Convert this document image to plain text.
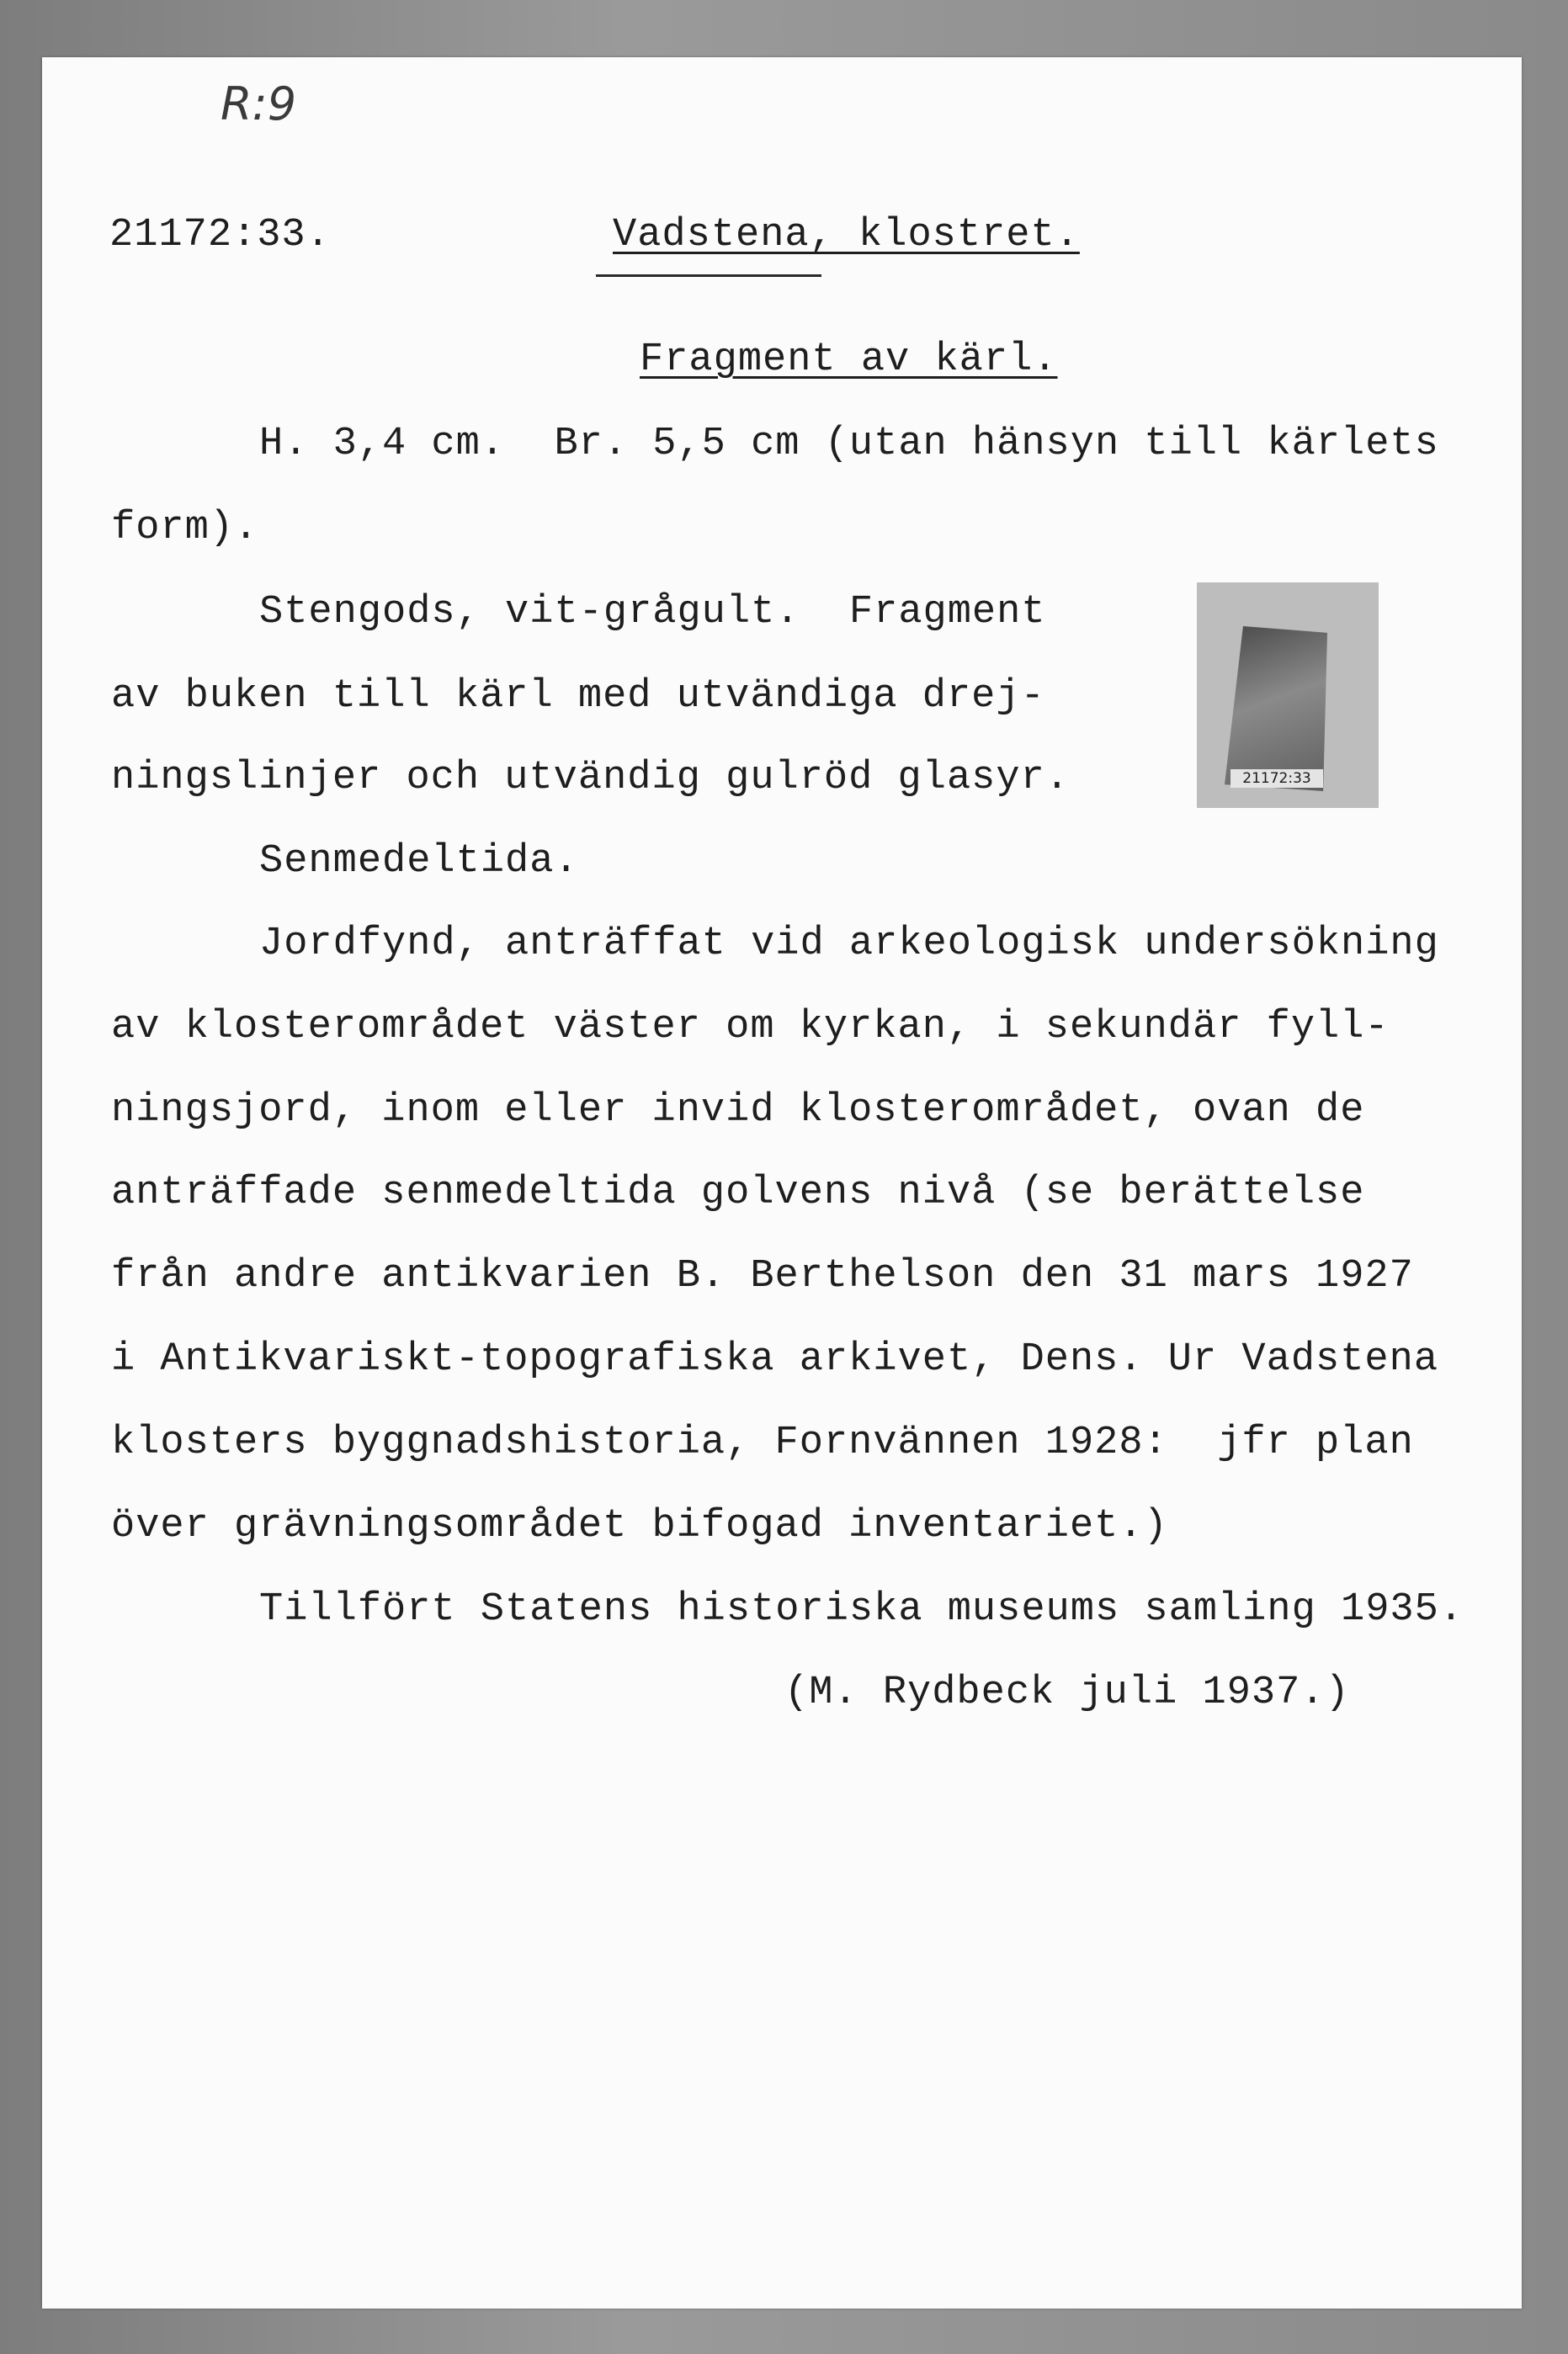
R:9
21172:33.	Vadstena, klostret.
Fragment av kärl.
H. 3,4 cm.  Br. 5,5 cm (utan hänsyn till kärlets
form).
Stengods, vit-grågult.  Fragment
av buken till kärl med utvändiga drej-
ningslinjer och utvändig gulröd glasyr.
Senmedeltida.
Jordfynd, anträffat vid arkeologisk undersökning
av klosterområdet väster om kyrkan, i sekundär fyll-
ningsjord, inom eller invid klosterområdet, ovan de
anträffade senmedeltida golvens nivå (se berättelse
från andre antikvarien B. Berthelson den 31 mars 1927
i Antikvariskt-topografiska arkivet, Dens. Ur Vadstena
klosters byggnadshistoria, Fornvännen 1928:  jfr plan
över grävningsområdet bifogad inventariet.)
Tillfört Statens historiska museums samling 1935.
(M. Rydbeck juli 1937.)
21172:33
